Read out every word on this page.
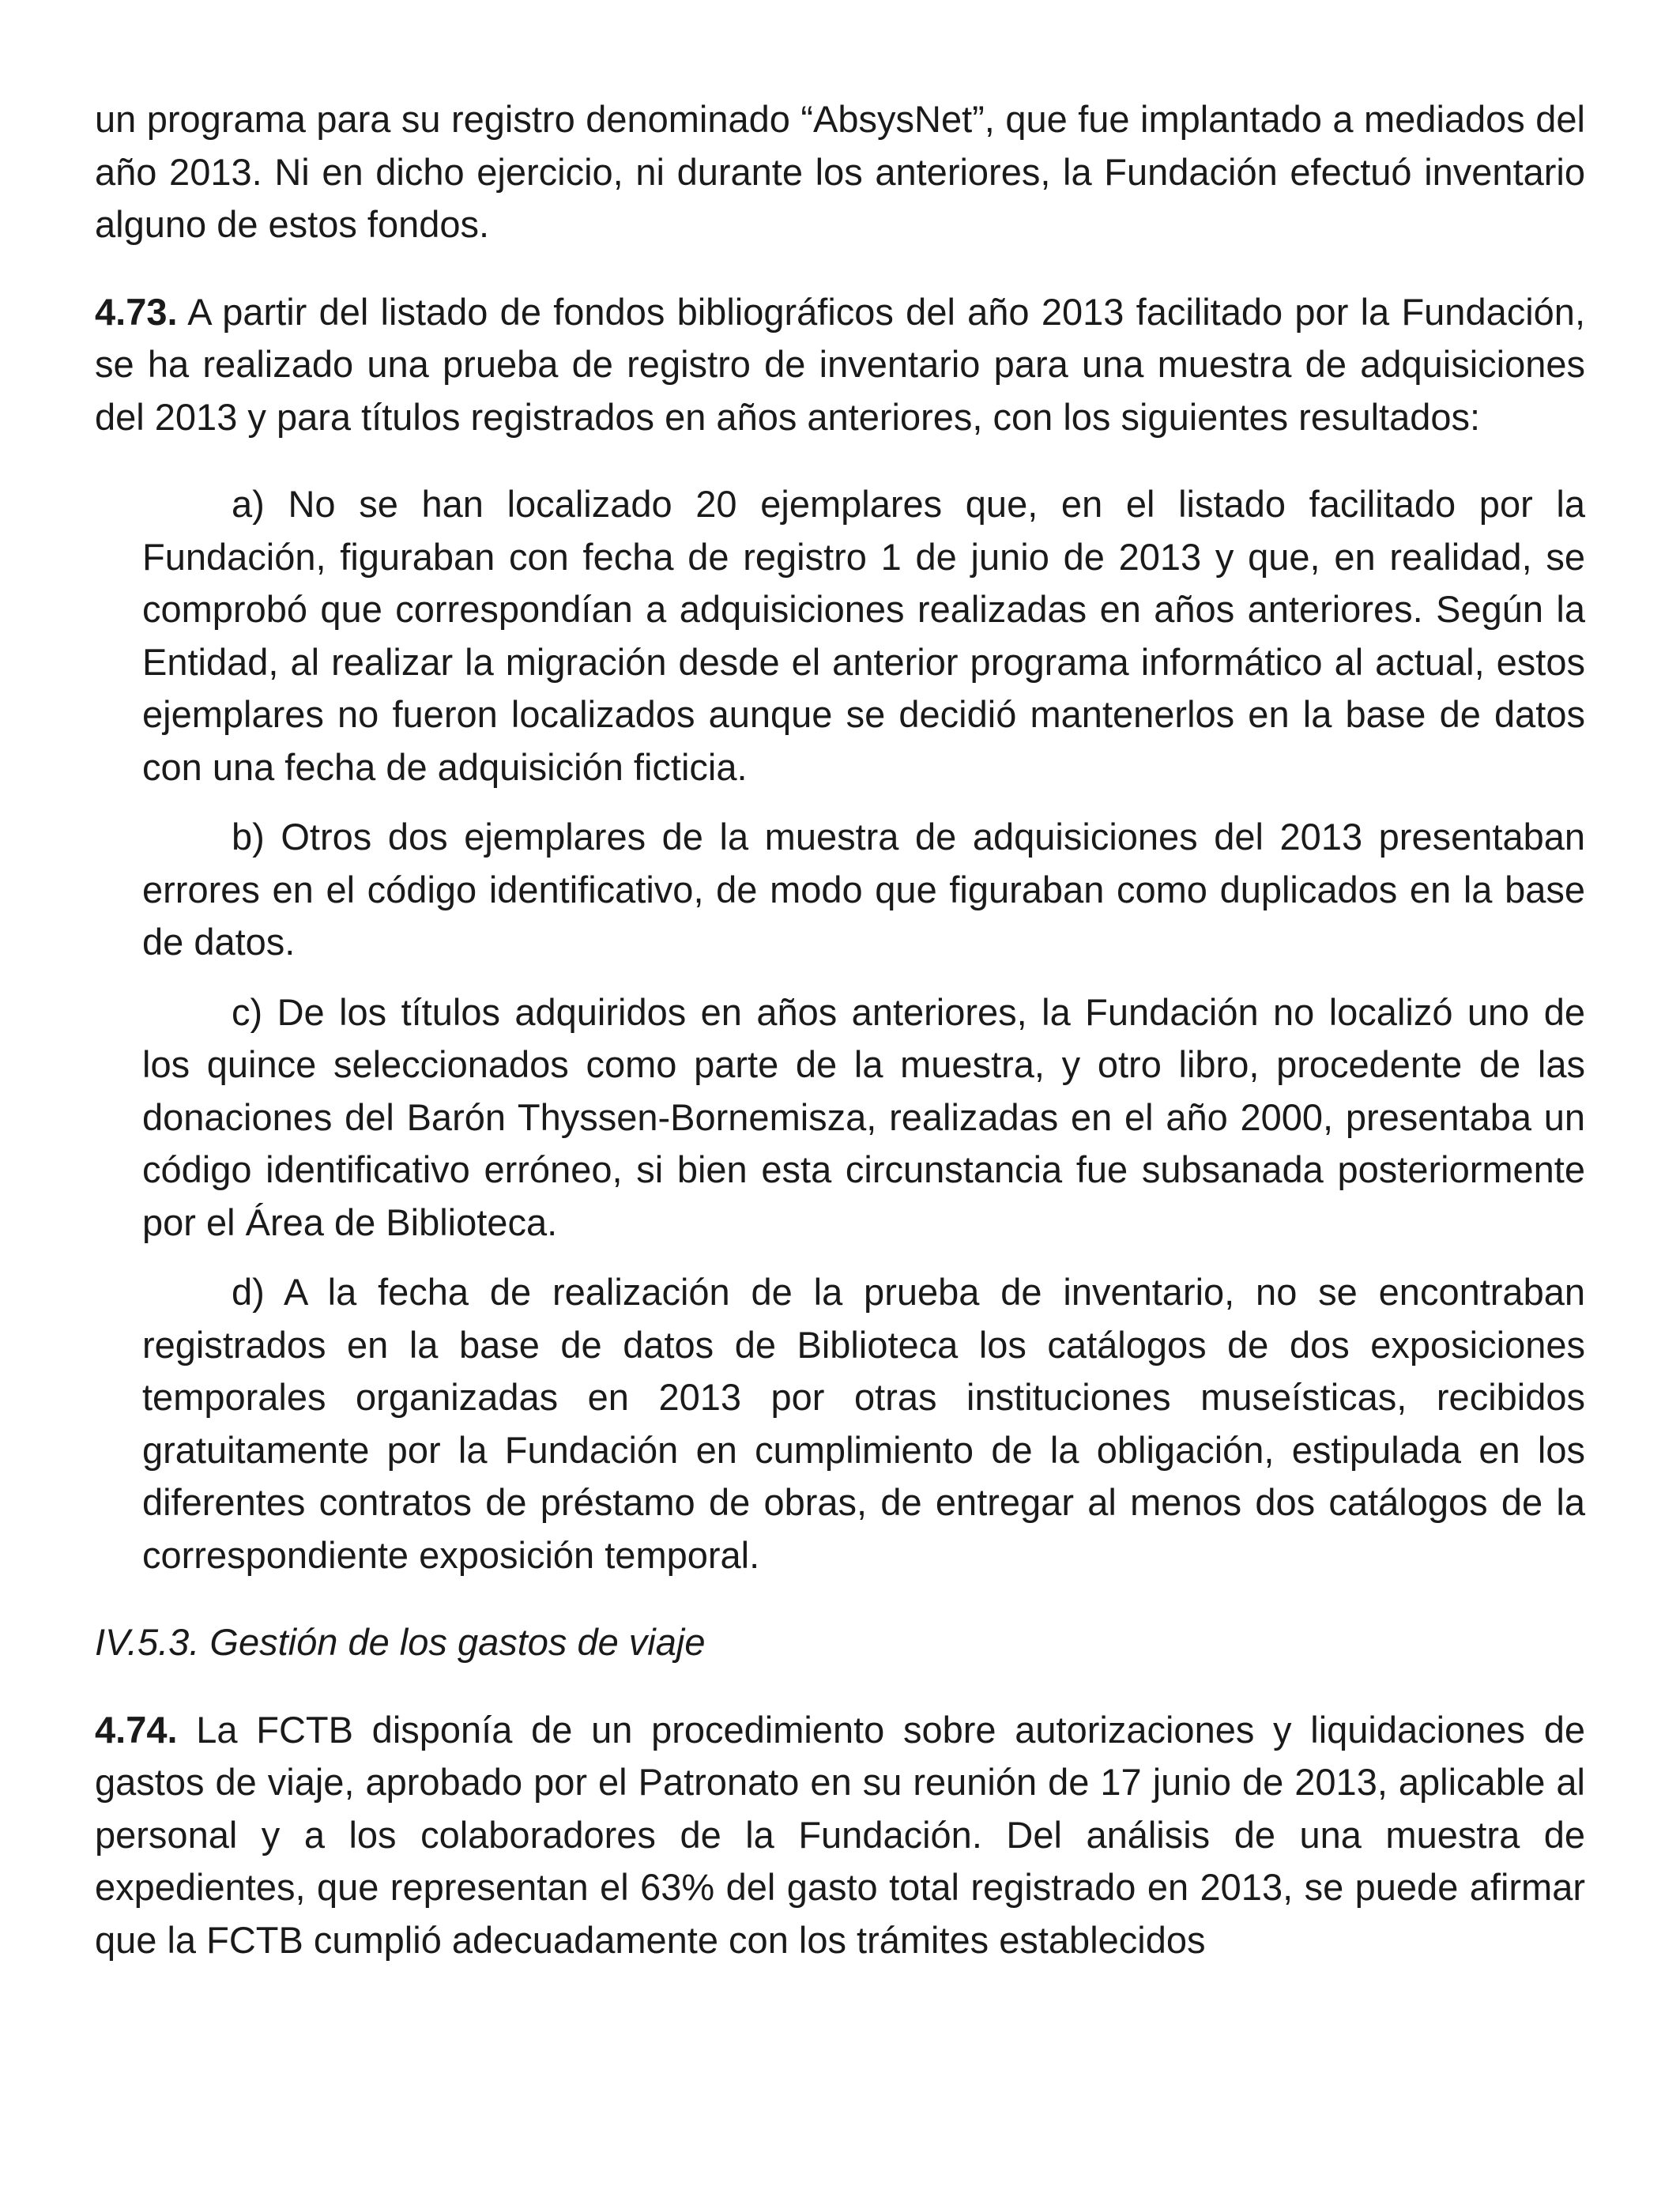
un programa para su registro denominado “AbsysNet”, que fue implantado a mediados del año 2013. Ni en dicho ejercicio, ni durante los anteriores, la Fundación efectuó inventario alguno de estos fondos.

4.73. A partir del listado de fondos bibliográficos del año 2013 facilitado por la Fundación, se ha realizado una prueba de registro de inventario para una muestra de adquisiciones del 2013 y para títulos registrados en años anteriores, con los siguientes resultados:

a) No se han localizado 20 ejemplares que, en el listado facilitado por la Fundación, figuraban con fecha de registro 1 de junio de 2013 y que, en realidad, se comprobó que correspondían a adquisiciones realizadas en años anteriores. Según la Entidad, al realizar la migración desde el anterior programa informático al actual, estos ejemplares no fueron localizados aunque se decidió mantenerlos en la base de datos con una fecha de adquisición ficticia.

b) Otros dos ejemplares de la muestra de adquisiciones del 2013 presentaban errores en el código identificativo, de modo que figuraban como duplicados en la base de datos.

c) De los títulos adquiridos en años anteriores, la Fundación no localizó uno de los quince seleccionados como parte de la muestra, y otro libro, procedente de las donaciones del Barón Thyssen-Bornemisza, realizadas en el año 2000, presentaba un código identificativo erróneo, si bien esta circunstancia fue subsanada posteriormente por el Área de Biblioteca.

d) A la fecha de realización de la prueba de inventario, no se encontraban registrados en la base de datos de Biblioteca los catálogos de dos exposiciones temporales organizadas en 2013 por otras instituciones museísticas, recibidos gratuitamente por la Fundación en cumplimiento de la obligación, estipulada en los diferentes contratos de préstamo de obras, de entregar al menos dos catálogos de la correspondiente exposición temporal.

IV.5.3. Gestión de los gastos de viaje

4.74. La FCTB disponía de un procedimiento sobre autorizaciones y liquidaciones de gastos de viaje, aprobado por el Patronato en su reunión de 17 junio de 2013, aplicable al personal y a los colaboradores de la Fundación. Del análisis de una muestra de expedientes, que representan el 63% del gasto total registrado en 2013, se puede afirmar que la FCTB cumplió adecuadamente con los trámites establecidos
